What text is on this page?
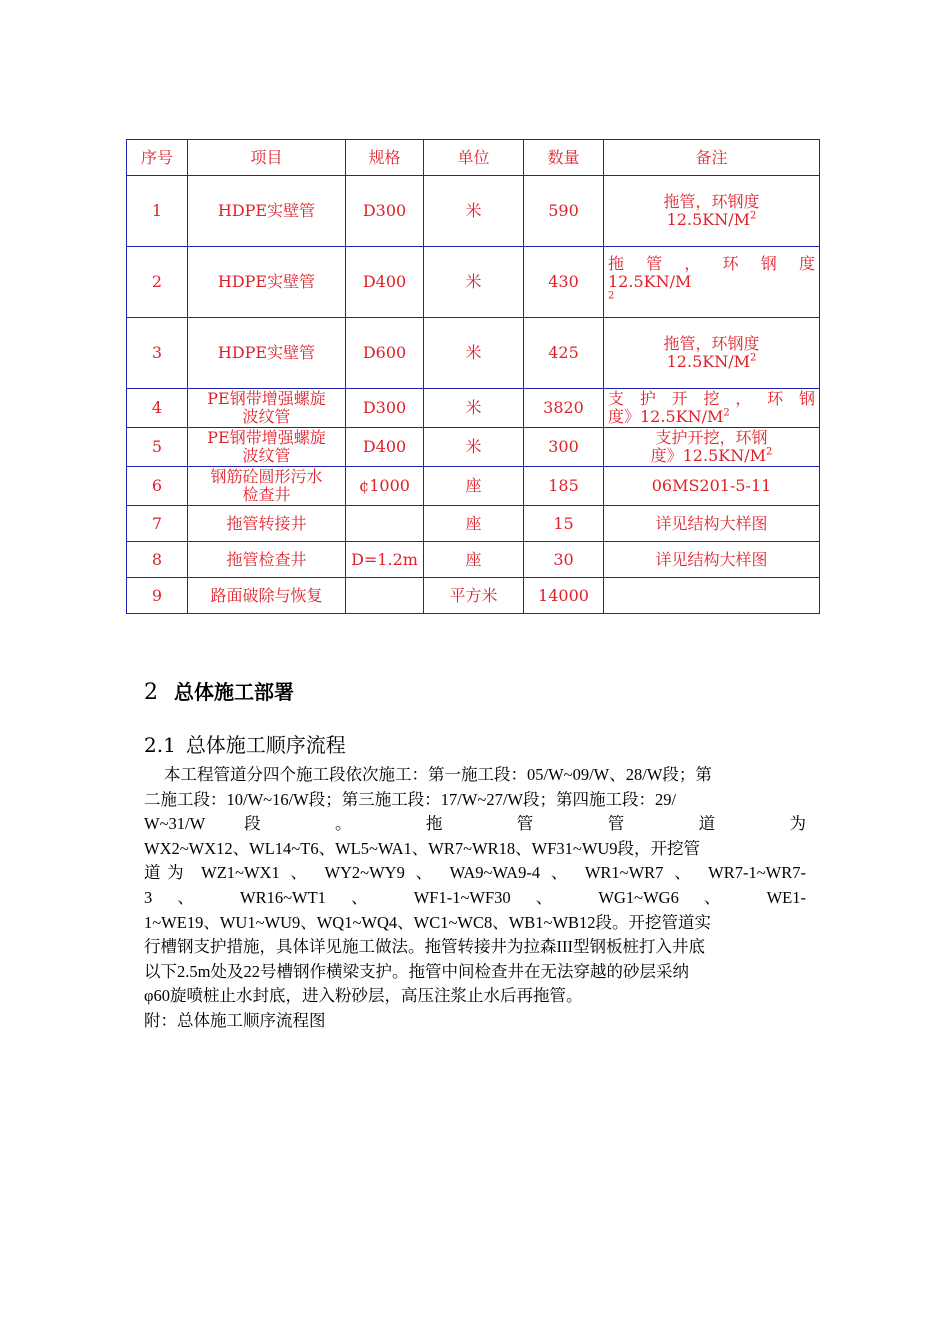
序号	项目	规格	单位	数量	备注
1	HDPE实壁管	D300	米	590	拖管，环钢度
$12.5KN/M^2$

2	HDPE实壁管	D400	米	430	拖 管 ， 环 钢 度
12.5KN/M
$^2$

3	HDPE实壁管	D600	米	425	拖管，环钢度
$12.5KN/M^2$

4	PE钢带增强螺旋
波纹管	D300	米	3820	支 护 开 挖 ， 环 钢
度》$12.5KN/M^2$

5	PE钢带增强螺旋
波纹管	D400	米	300	支护开挖，环钢
度》$12.5KN/M^2$

6	钢筋砼圆形污水
检查井	¢1000	座	185	06MS201-5-11
7	拖管转接井		座	15	详见结构大样图
8	拖管检查井	D=1.2m	座	30	详见结构大样图
9	路面破除与恢复		平方米	14000	
2 总体施工部署
2.1 总体施工顺序流程
本工程管道分四个施工段依次施工：第一施工段：05/W~09/W、28/W段；第
二施工段：10/W~16/W段；第三施工段：17/W~27/W段；第四施工段：29/
W~31/W 段 。 拖 管 管 道 为
WX2~WX12、WL14~T6、WL5~WA1、WR7~WR18、WF31~WU9段，开挖管
道为 WZ1~WX1 、 WY2~WY9 、 WA9~WA9-4 、 WR1~WR7 、 WR7-1~WR7-
3 、 WR16~WT1 、 WF1-1~WF30 、 WG1~WG6 、 WE1-
1~WE19、WU1~WU9、WQ1~WQ4、WC1~WC8、WB1~WB12段。开挖管道实
行槽钢支护措施，具体详见施工做法。拖管转接井为拉森III型钢板桩打入井底
以下2.5m处及22号槽钢作横梁支护。拖管中间检查井在无法穿越的砂层采纳
φ60旋喷桩止水封底，进入粉砂层，高压注浆止水后再拖管。
附：总体施工顺序流程图
